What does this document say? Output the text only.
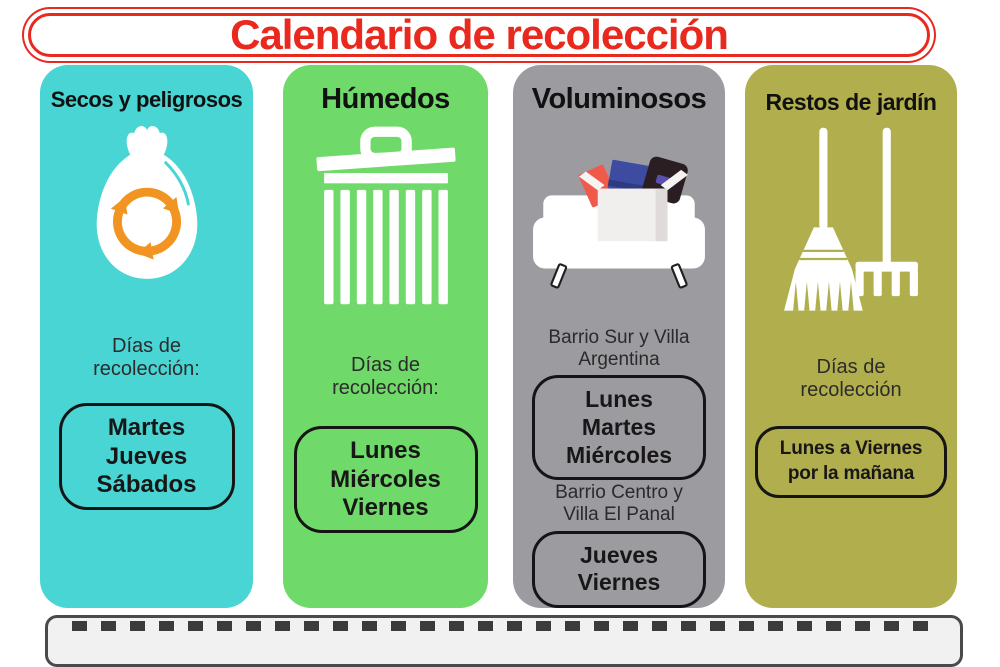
Calendario de recolección
Secos y peligrosos

Días de recolección:

Martes
Jueves
Sábados
Húmedos

Días de recolección:

Lunes
Miércoles
Viernes
Voluminosos

Barrio Sur y Villa
Argentina

Lunes
Martes
Miércoles

Barrio Centro y
Villa El Panal

Jueves
Viernes
Restos de jardín

Días de recolección

Lunes a Viernes
por la mañana
